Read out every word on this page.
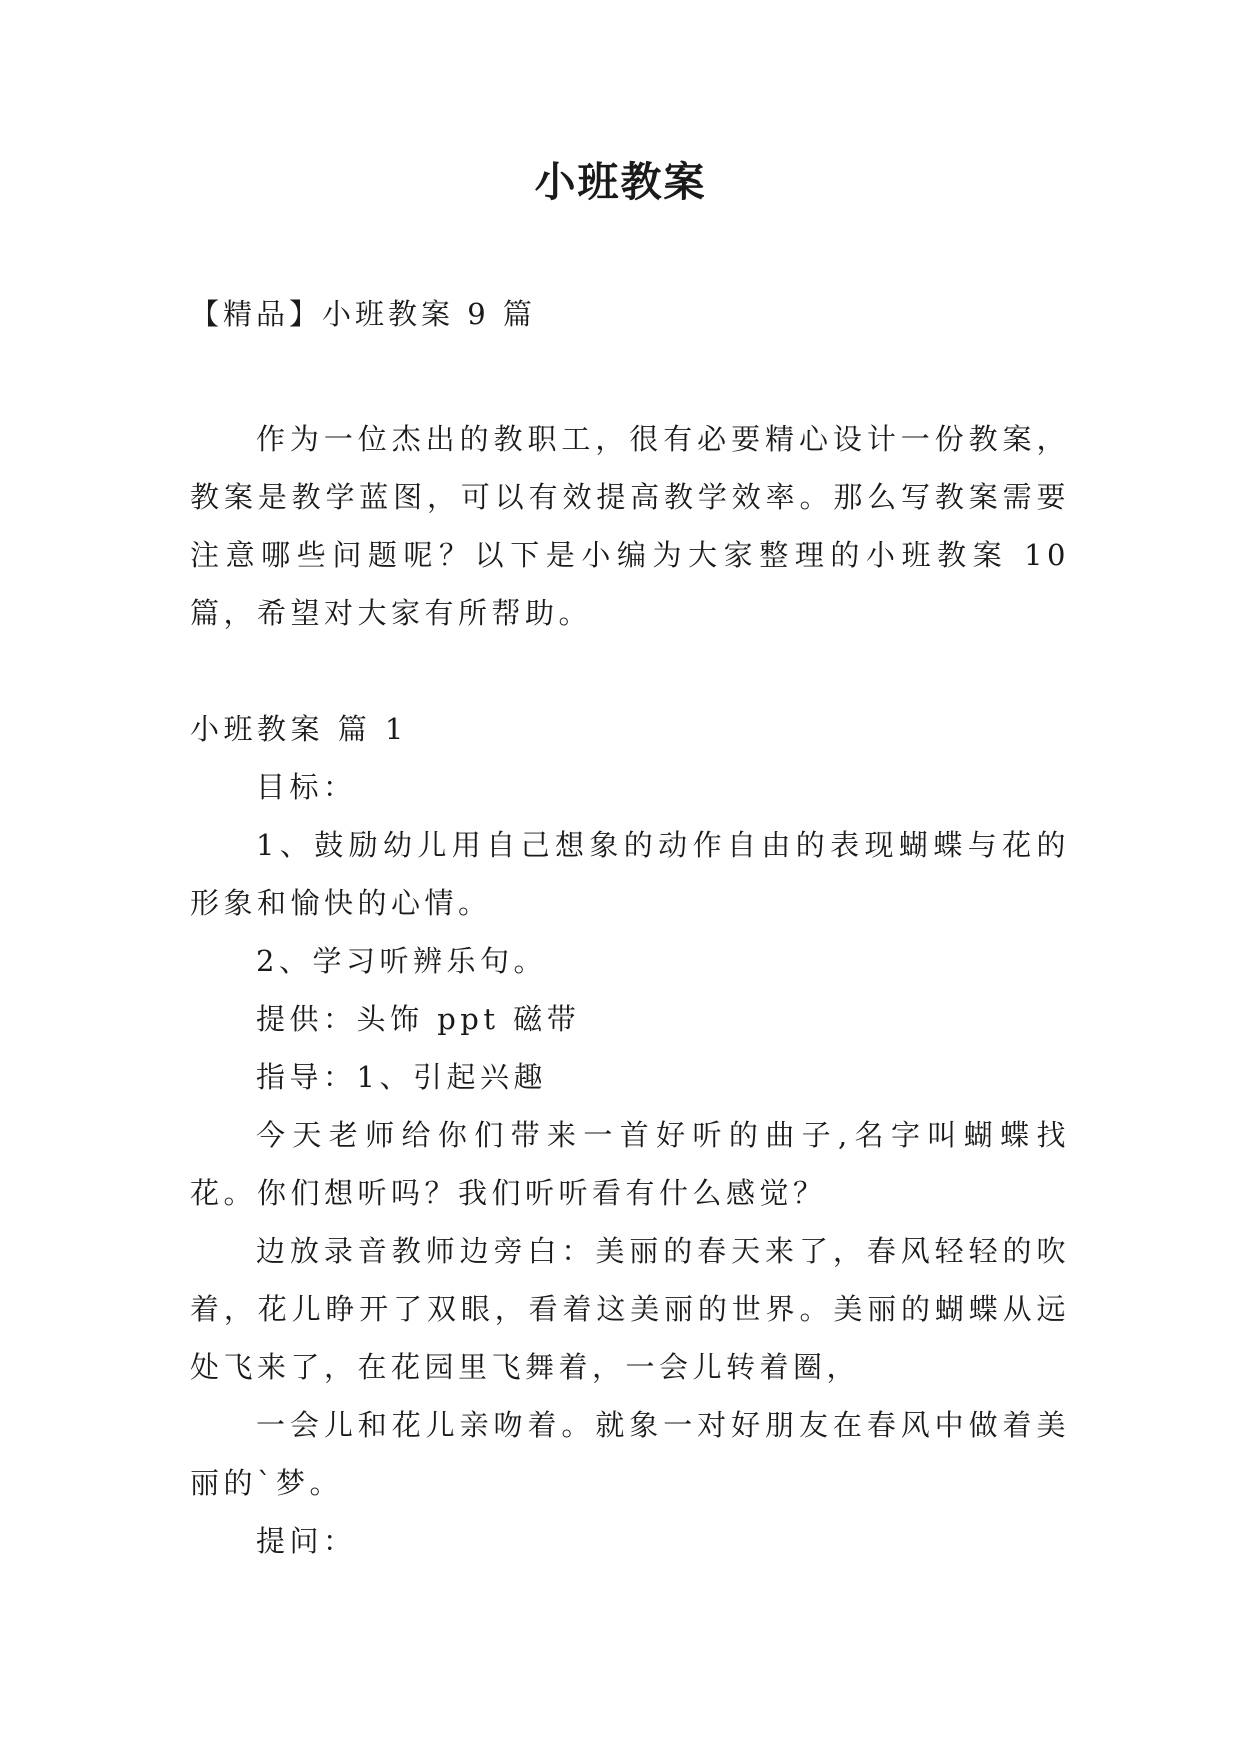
小班教案
【精品】小班教案 9 篇

作为一位杰出的教职工，很有必要精心设计一份教案，教案是教学蓝图，可以有效提高教学效率。那么写教案需要注意哪些问题呢？以下是小编为大家整理的小班教案 10 篇，希望对大家有所帮助。

小班教案 篇 1

目标：

1、鼓励幼儿用自己想象的动作自由的表现蝴蝶与花的形象和愉快的心情。

2、学习听辨乐句。

提供：头饰 ppt 磁带

指导：1、引起兴趣

今天老师给你们带来一首好听的曲子,名字叫蝴蝶找花。你们想听吗？我们听听看有什么感觉？

边放录音教师边旁白：美丽的春天来了，春风轻轻的吹着，花儿睁开了双眼，看着这美丽的世界。美丽的蝴蝶从远处飞来了，在花园里飞舞着，一会儿转着圈，

一会儿和花儿亲吻着。就象一对好朋友在春风中做着美丽的`梦。

提问：
